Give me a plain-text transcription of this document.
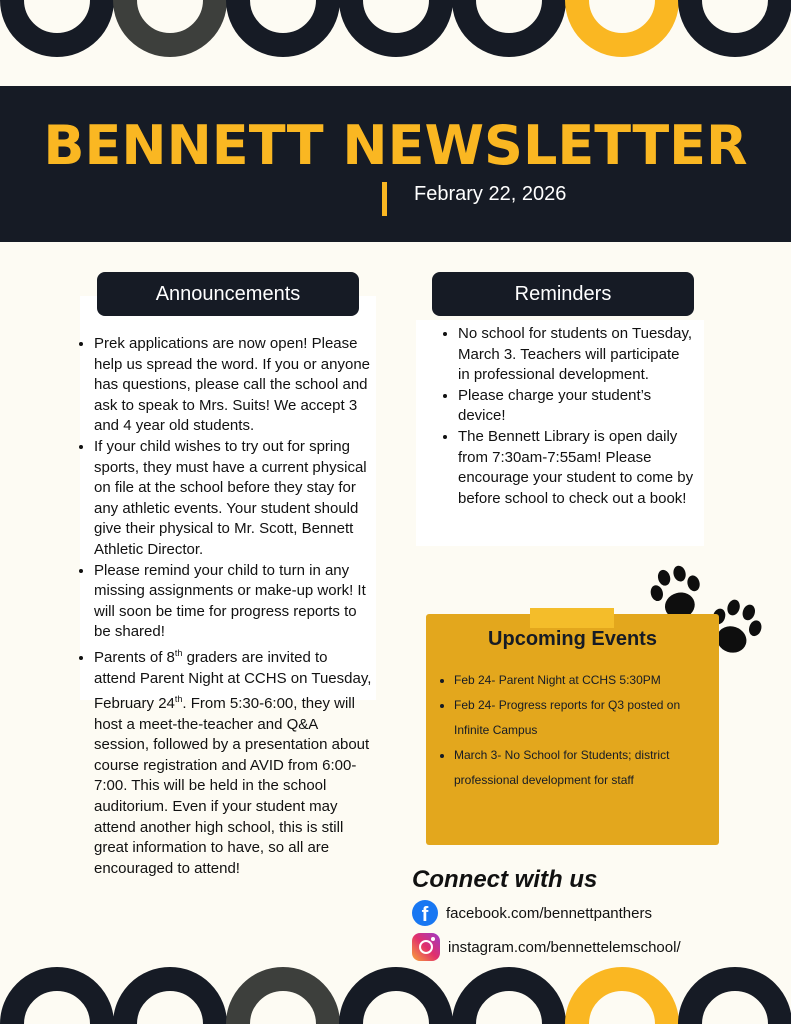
BENNETT NEWSLETTER
Febrary 22, 2026
Announcements
• Prek applications are now open! Please help us spread the word. If you or anyone has questions, please call the school and ask to speak to Mrs. Suits! We accept 3 and 4 year old students.
• If your child wishes to try out for spring sports, they must have a current physical on file at the school before they stay for any athletic events. Your student should give their physical to Mr. Scott, Bennett Athletic Director.
• Please remind your child to turn in any missing assignments or make-up work! It will soon be time for progress reports to be shared!
• Parents of 8th graders are invited to attend Parent Night at CCHS on Tuesday, February 24th. From 5:30-6:00, they will host a meet-the-teacher and Q&A session, followed by a presentation about course registration and AVID from 6:00-7:00. This will be held in the school auditorium. Even if your student may attend another high school, this is still great information to have, so all are encouraged to attend!
Reminders
• No school for students on Tuesday, March 3. Teachers will participate in professional development.
• Please charge your student’s device!
• The Bennett Library is open daily from 7:30am-7:55am! Please encourage your student to come by before school to check out a book!
Upcoming Events
• Feb 24- Parent Night at CCHS 5:30PM
• Feb 24- Progress reports for Q3 posted on Infinite Campus
• March 3- No School for Students; district professional development for staff
Connect with us
f	facebook.com/bennettpanthers
instagram.com/bennettelemschool/
